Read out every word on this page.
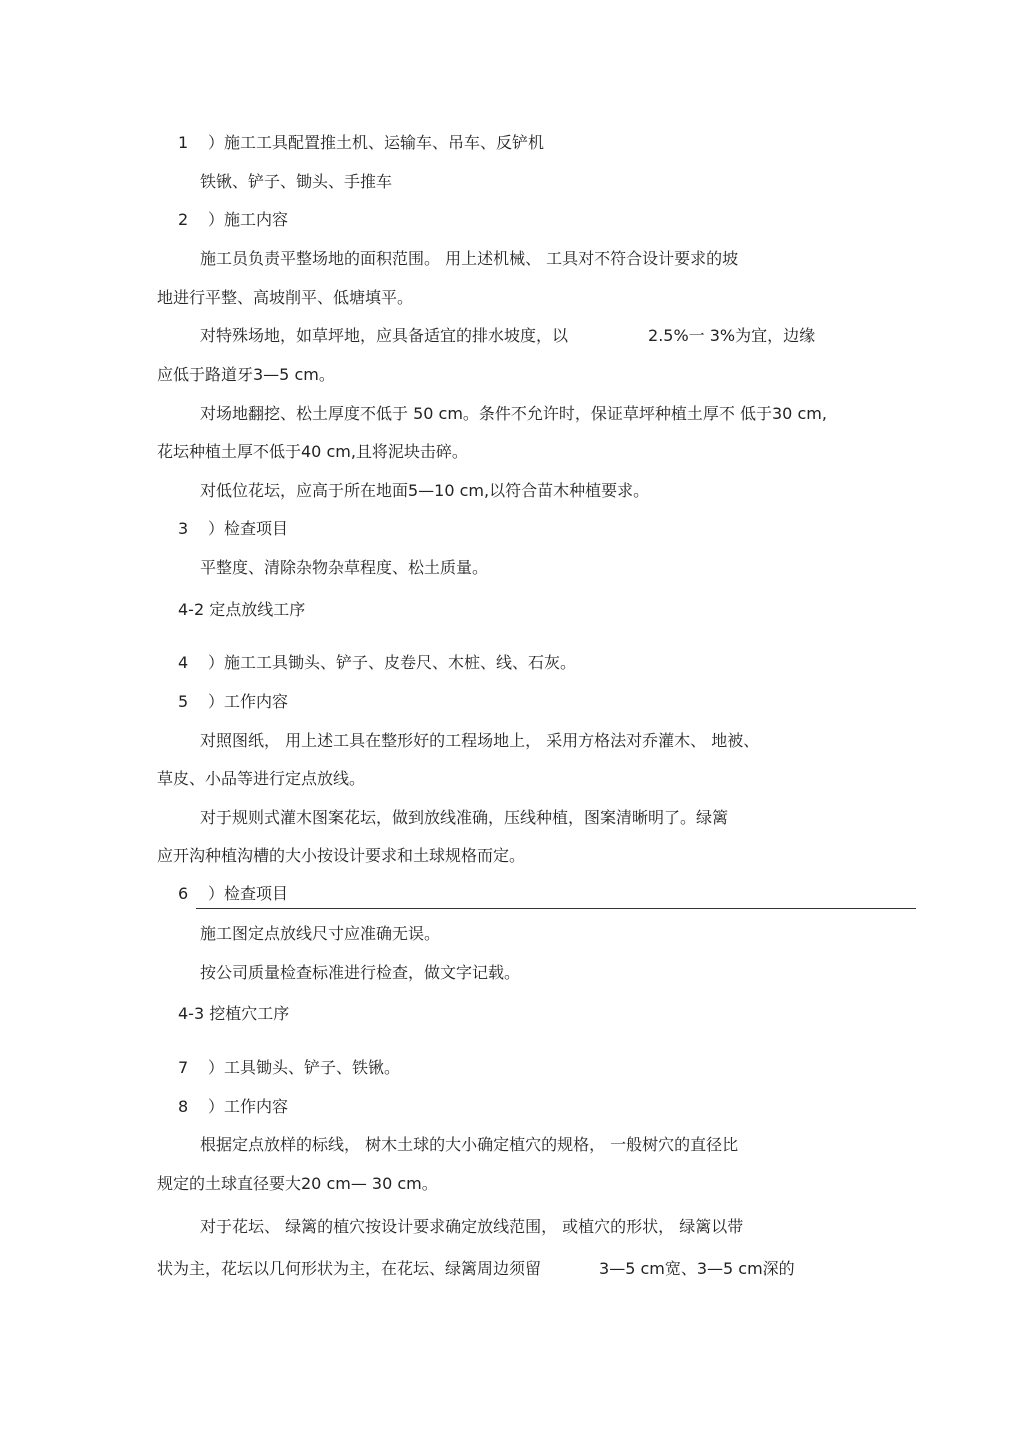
1 ）施工工具配置推土机、运输车、吊车、反铲机
铁锹、铲子、锄头、手推车
2 ）施工内容
施工员负责平整场地的面积范围。 用上述机械、 工具对不符合设计要求的坡
地进行平整、高坡削平、低塘填平。
对特殊场地，如草坪地，应具备适宜的排水坡度，以	2.5%一 3%为宜，边缘
应低于路道牙3—5 cm。
对场地翻挖、松土厚度不低于 50 cm。条件不允许时，保证草坪种植土厚不 低于30 cm,
花坛种植土厚不低于40 cm,且将泥块击碎。
对低位花坛，应高于所在地面5—10 cm,以符合苗木种植要求。
3 ）检查项目
平整度、清除杂物杂草程度、松土质量。
4-2 定点放线工序
4 ）施工工具锄头、铲子、皮卷尺、木桩、线、石灰。
5 ）工作内容
对照图纸， 用上述工具在整形好的工程场地上， 采用方格法对乔灌木、 地被、
草皮、小品等进行定点放线。
对于规则式灌木图案花坛，做到放线准确，压线种植，图案清晰明了。绿篱
应开沟种植沟槽的大小按设计要求和土球规格而定。
6 ）检查项目
施工图定点放线尺寸应准确无误。
按公司质量检查标准进行检查，做文字记载。
4-3 挖植穴工序
7 ）工具锄头、铲子、铁锹。
8 ）工作内容
根据定点放样的标线， 树木土球的大小确定植穴的规格， 一般树穴的直径比
规定的土球直径要大20 cm— 30 cm。
对于花坛、 绿篱的植穴按设计要求确定放线范围， 或植穴的形状， 绿篱以带
状为主，花坛以几何形状为主，在花坛、绿篱周边须留	3—5 cm宽、3—5 cm深的
